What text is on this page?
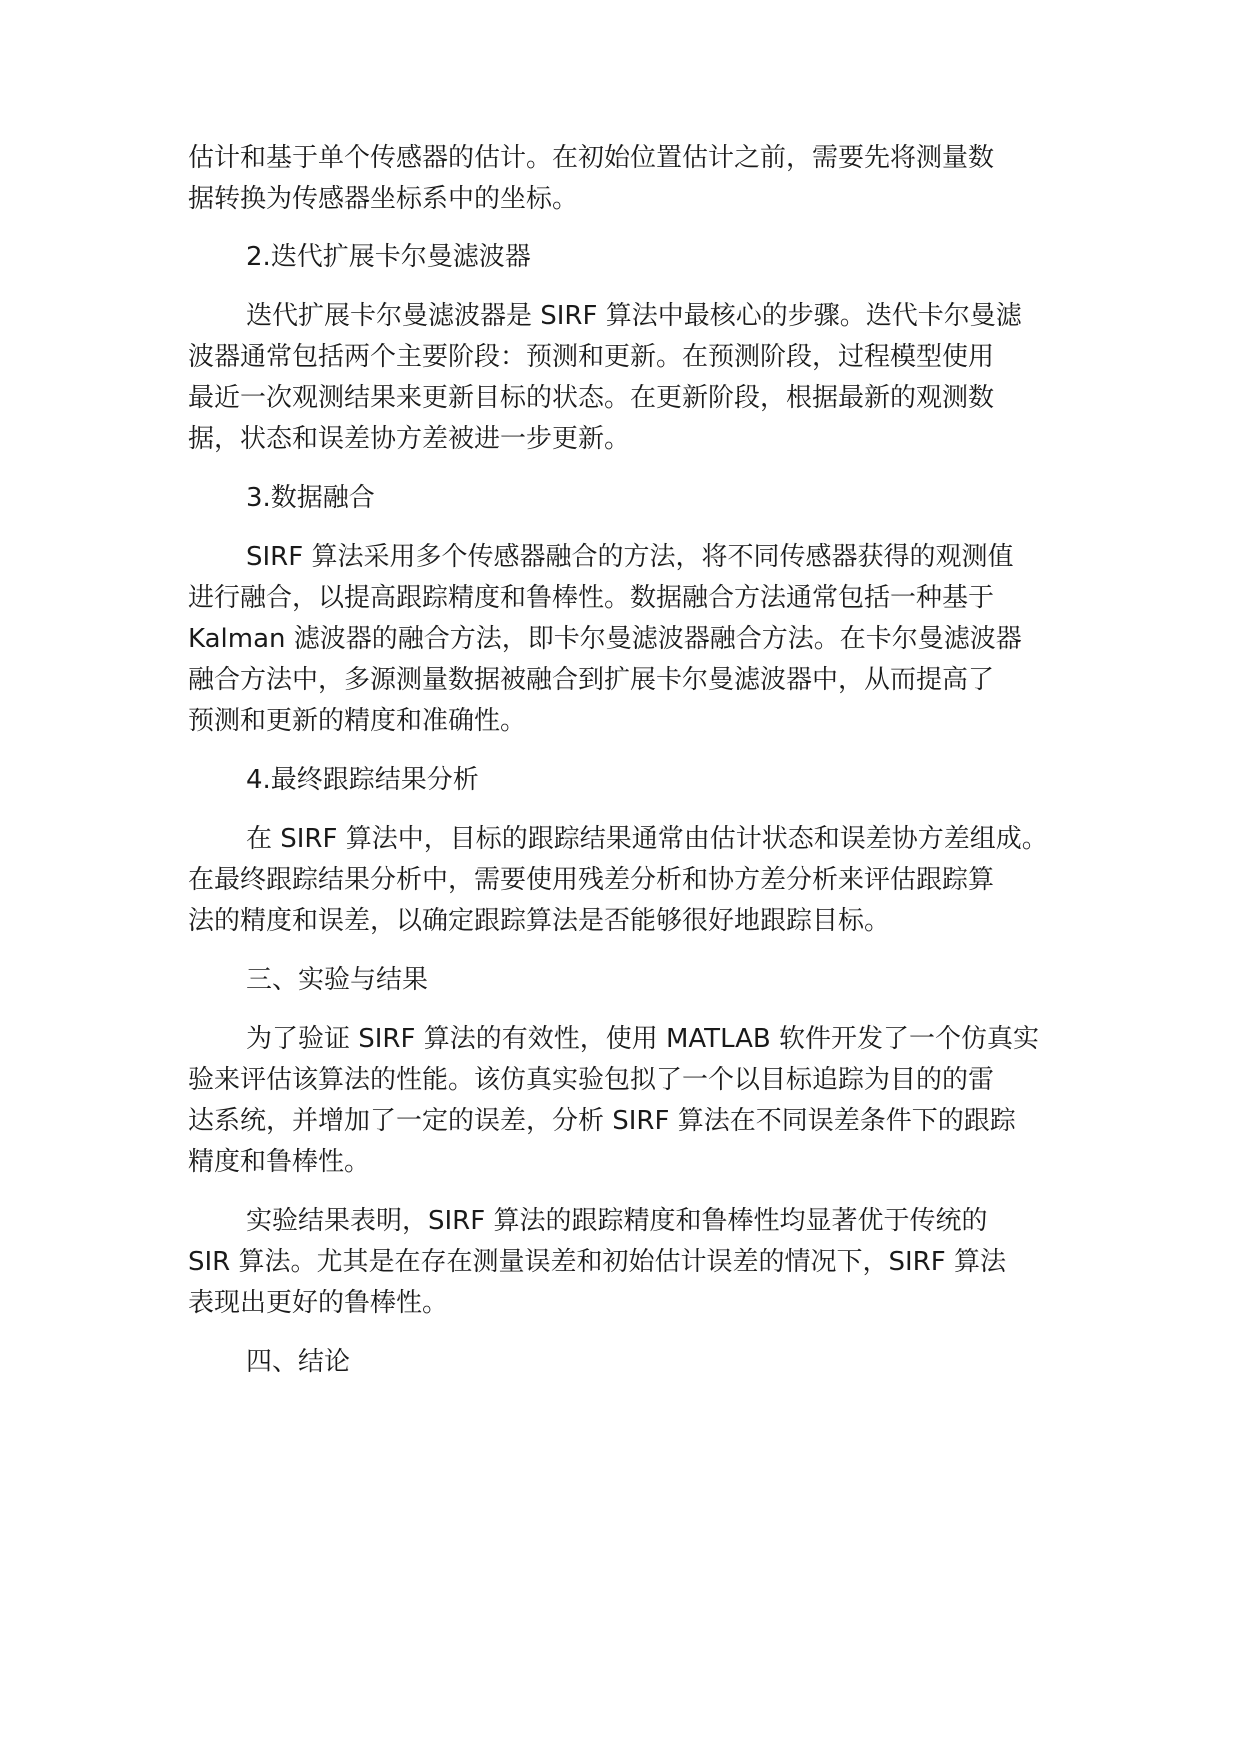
估计和基于单个传感器的估计。在初始位置估计之前，需要先将测量数
据转换为传感器坐标系中的坐标。
2.迭代扩展卡尔曼滤波器
迭代扩展卡尔曼滤波器是 SIRF 算法中最核心的步骤。迭代卡尔曼滤
波器通常包括两个主要阶段：预测和更新。在预测阶段，过程模型使用
最近一次观测结果来更新目标的状态。在更新阶段，根据最新的观测数
据，状态和误差协方差被进一步更新。
3.数据融合
SIRF 算法采用多个传感器融合的方法，将不同传感器获得的观测值
进行融合，以提高跟踪精度和鲁棒性。数据融合方法通常包括一种基于
Kalman 滤波器的融合方法，即卡尔曼滤波器融合方法。在卡尔曼滤波器
融合方法中，多源测量数据被融合到扩展卡尔曼滤波器中，从而提高了
预测和更新的精度和准确性。
4.最终跟踪结果分析
在 SIRF 算法中，目标的跟踪结果通常由估计状态和误差协方差组成。
在最终跟踪结果分析中，需要使用残差分析和协方差分析来评估跟踪算
法的精度和误差，以确定跟踪算法是否能够很好地跟踪目标。
三、实验与结果
为了验证 SIRF 算法的有效性，使用 MATLAB 软件开发了一个仿真实
验来评估该算法的性能。该仿真实验包拟了一个以目标追踪为目的的雷
达系统，并增加了一定的误差，分析 SIRF 算法在不同误差条件下的跟踪
精度和鲁棒性。
实验结果表明，SIRF 算法的跟踪精度和鲁棒性均显著优于传统的
SIR 算法。尤其是在存在测量误差和初始估计误差的情况下，SIRF 算法
表现出更好的鲁棒性。
四、结论
